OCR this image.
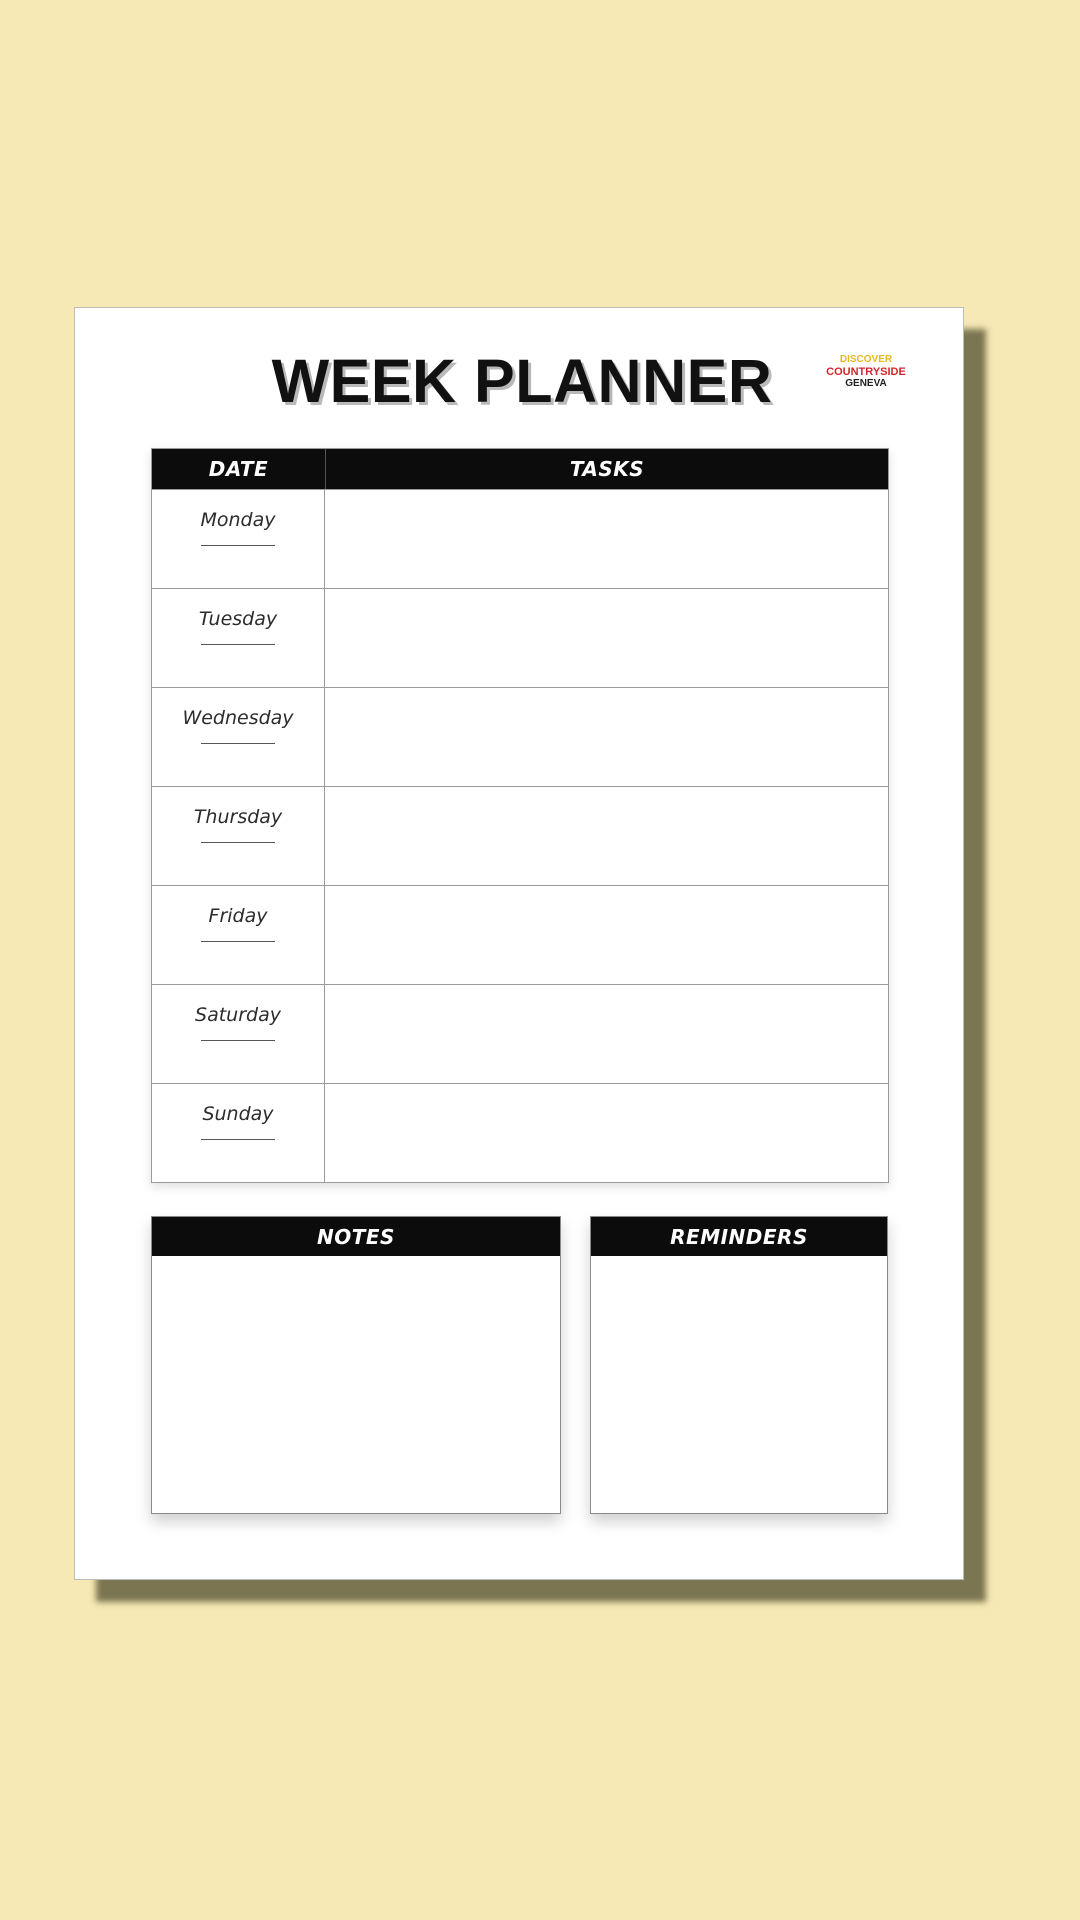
WEEK PLANNER	DISCOVER
COUNTRYSIDE
GENEVA
DATE	TASKS
Monday
Tuesday
Wednesday
Thursday
Friday
Saturday
Sunday
NOTES	REMINDERS
